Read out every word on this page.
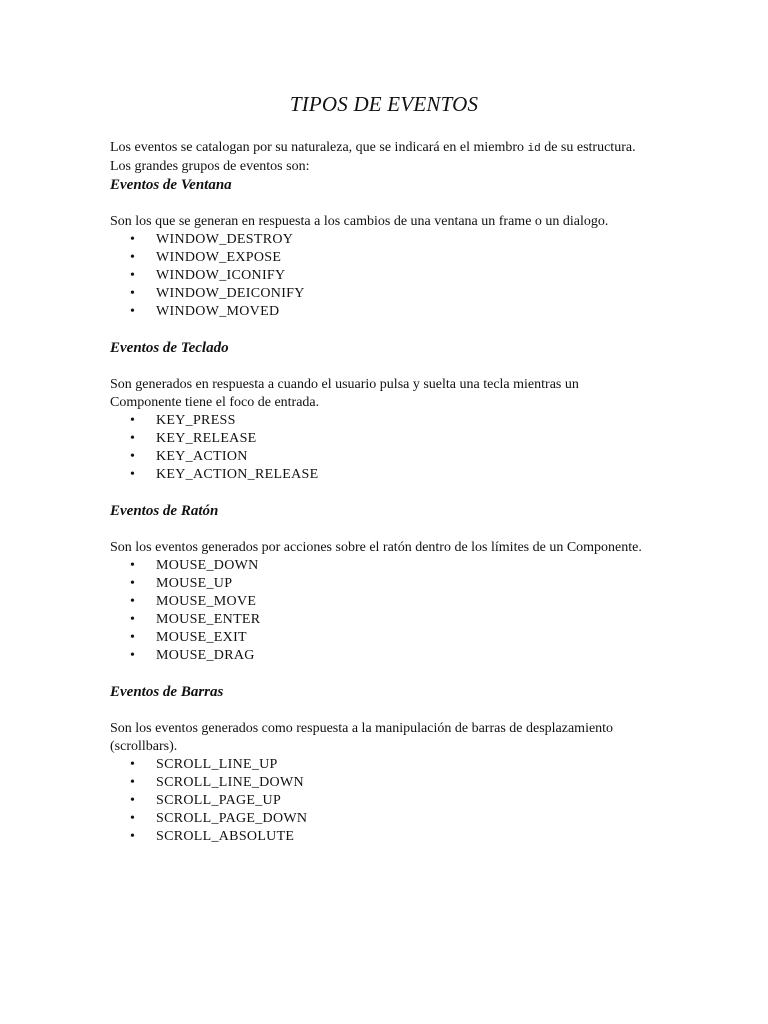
TIPOS DE EVENTOS

Los eventos se catalogan por su naturaleza, que se indicará en el miembro id de su estructura. Los grandes grupos de eventos son:

Eventos de Ventana

Son los que se generan en respuesta a los cambios de una ventana un frame o un dialogo.

• WINDOW_DESTROY
• WINDOW_EXPOSE
• WINDOW_ICONIFY
• WINDOW_DEICONIFY
• WINDOW_MOVED
Eventos de Teclado

Son generados en respuesta a cuando el usuario pulsa y suelta una tecla mientras un Componente tiene el foco de entrada.

• KEY_PRESS
• KEY_RELEASE
• KEY_ACTION
• KEY_ACTION_RELEASE
Eventos de Ratón

Son los eventos generados por acciones sobre el ratón dentro de los límites de un Componente.

• MOUSE_DOWN
• MOUSE_UP
• MOUSE_MOVE
• MOUSE_ENTER
• MOUSE_EXIT
• MOUSE_DRAG
Eventos de Barras

Son los eventos generados como respuesta a la manipulación de barras de desplazamiento (scrollbars).

• SCROLL_LINE_UP
• SCROLL_LINE_DOWN
• SCROLL_PAGE_UP
• SCROLL_PAGE_DOWN
• SCROLL_ABSOLUTE
